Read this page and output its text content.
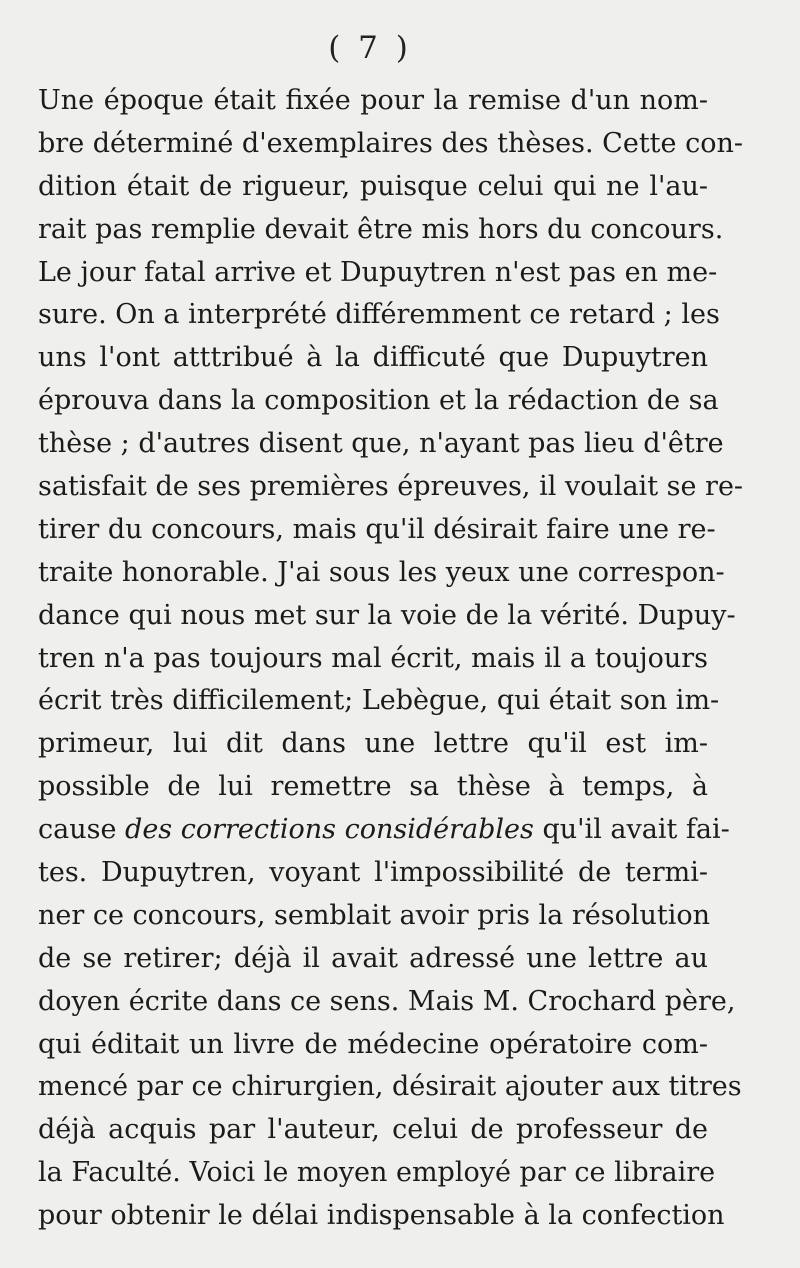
( 7 )
Une époque était fixée pour la remise d'un nom-
bre déterminé d'exemplaires des thèses. Cette con-
dition était de rigueur, puisque celui qui ne l'au-
rait pas remplie devait être mis hors du concours.
Le jour fatal arrive et Dupuytren n'est pas en me-
sure. On a interprété différemment ce retard ; les
uns l'ont atttribué à la difficuté que Dupuytren
éprouva dans la composition et la rédaction de sa
thèse ; d'autres disent que, n'ayant pas lieu d'être
satisfait de ses premières épreuves, il voulait se re-
tirer du concours, mais qu'il désirait faire une re-
traite honorable. J'ai sous les yeux une correspon-
dance qui nous met sur la voie de la vérité. Dupuy-
tren n'a pas toujours mal écrit, mais il a toujours
écrit très difficilement; Lebègue, qui était son im-
primeur, lui dit dans une lettre qu'il est im-
possible de lui remettre sa thèse à temps, à
cause des corrections considérables qu'il avait fai-
tes. Dupuytren, voyant l'impossibilité de termi-
ner ce concours, semblait avoir pris la résolution
de se retirer; déjà il avait adressé une lettre au
doyen écrite dans ce sens. Mais M. Crochard père,
qui éditait un livre de médecine opératoire com-
mencé par ce chirurgien, désirait ajouter aux titres
déjà acquis par l'auteur, celui de professeur de
la Faculté. Voici le moyen employé par ce libraire
pour obtenir le délai indispensable à la confection
